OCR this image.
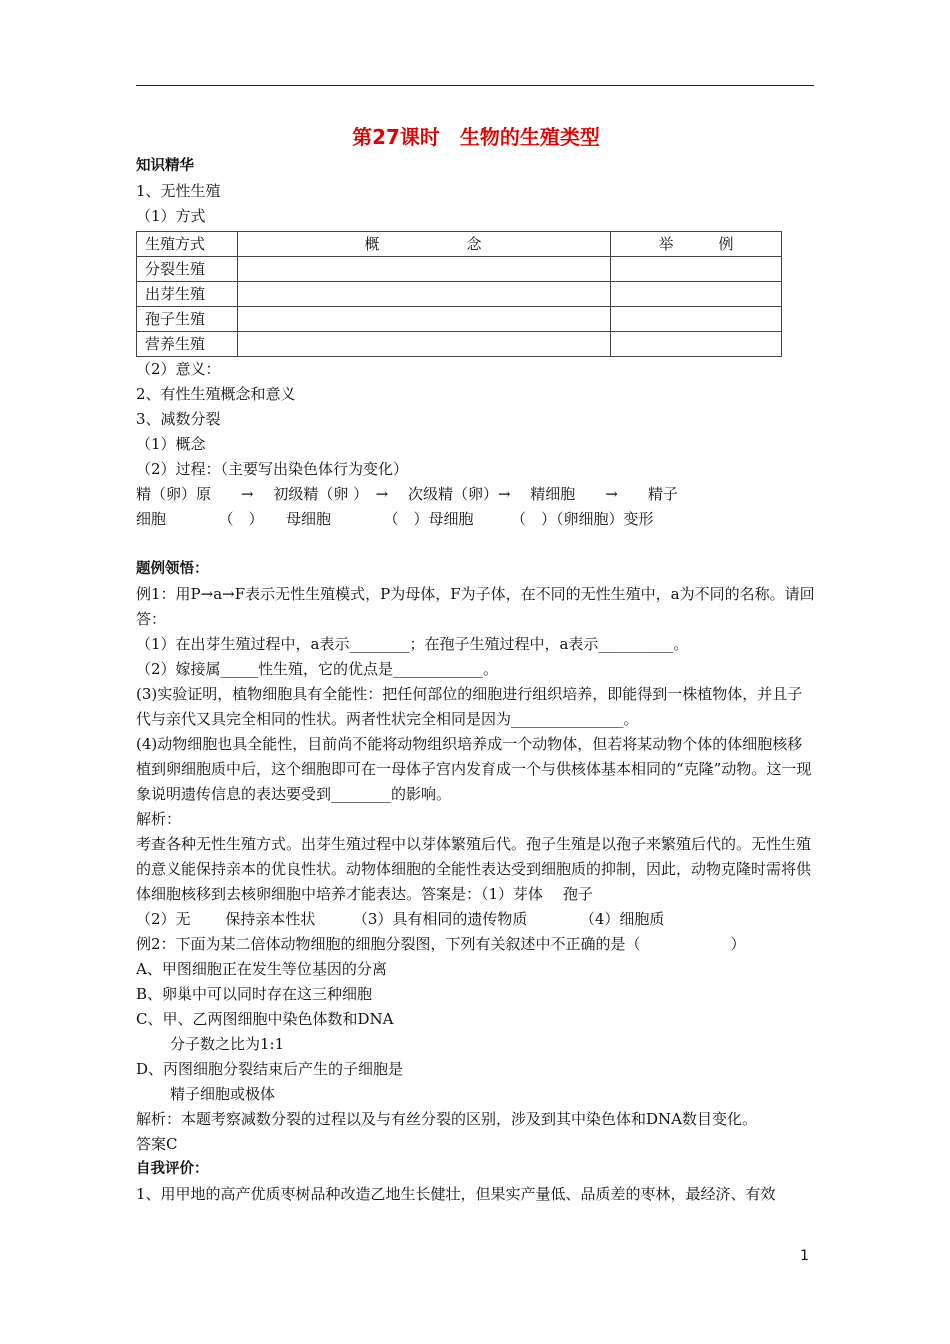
第27课时　生物的生殖类型

知识精华

1、无性生殖

（1）方式

生殖方式	概　　　　　念	举　　　例
分裂生殖		
出芽生殖		
孢子生殖		
营养生殖		

（2）意义：

2、有性生殖概念和意义

3、减数分裂

（1）概念

（2）过程：（主要写出染色体行为变化）

精（卵）原　　→　 初级精（卵 ）　→　 次级精（卵）→　 精细胞　　→　　精子

细胞　　　　（　）　　母细胞　　　　（　）母细胞　　　（　）（卵细胞）变形

题例领悟：

例1：用P→a→F表示无性生殖模式，P为母体，F为子体，在不同的无性生殖中，a为不同的名称。请回答：

（1）在出芽生殖过程中，a表示________；在孢子生殖过程中，a表示__________。

（2）嫁接属_____性生殖，它的优点是____________。

(3)实验证明，植物细胞具有全能性：把任何部位的细胞进行组织培养，即能得到一株植物体，并且子代与亲代又具完全相同的性状。两者性状完全相同是因为_______________。

(4)动物细胞也具全能性，目前尚不能将动物组织培养成一个动物体，但若将某动物个体的体细胞核移植到卵细胞质中后，这个细胞即可在一母体子宫内发育成一个与供核体基本相同的“克隆”动物。这一现象说明遗传信息的表达要受到________的影响。

解析：

考查各种无性生殖方式。出芽生殖过程中以芽体繁殖后代。孢子生殖是以孢子来繁殖后代的。无性生殖的意义能保持亲本的优良性状。动物体细胞的全能性表达受到细胞质的抑制，因此，动物克隆时需将供体细胞核移到去核卵细胞中培养才能表达。答案是：（1）芽体　 孢子

（2）无　　 保持亲本性状　　　（3）具有相同的遗传物质　　　　（4）细胞质

例2：下面为某二倍体动物细胞的细胞分裂图，下列有关叙述中不正确的是（　　　　　　）

A、甲图细胞正在发生等位基因的分离

B、卵巢中可以同时存在这三种细胞

C、甲、乙两图细胞中染色体数和DNA

分子数之比为1:1

D、丙图细胞分裂结束后产生的子细胞是

精子细胞或极体

解析：本题考察减数分裂的过程以及与有丝分裂的区别，涉及到其中染色体和DNA数目变化。

答案C

自我评价：

1、用甲地的高产优质枣树品种改造乙地生长健壮，但果实产量低、品质差的枣林，最经济、有效

1
